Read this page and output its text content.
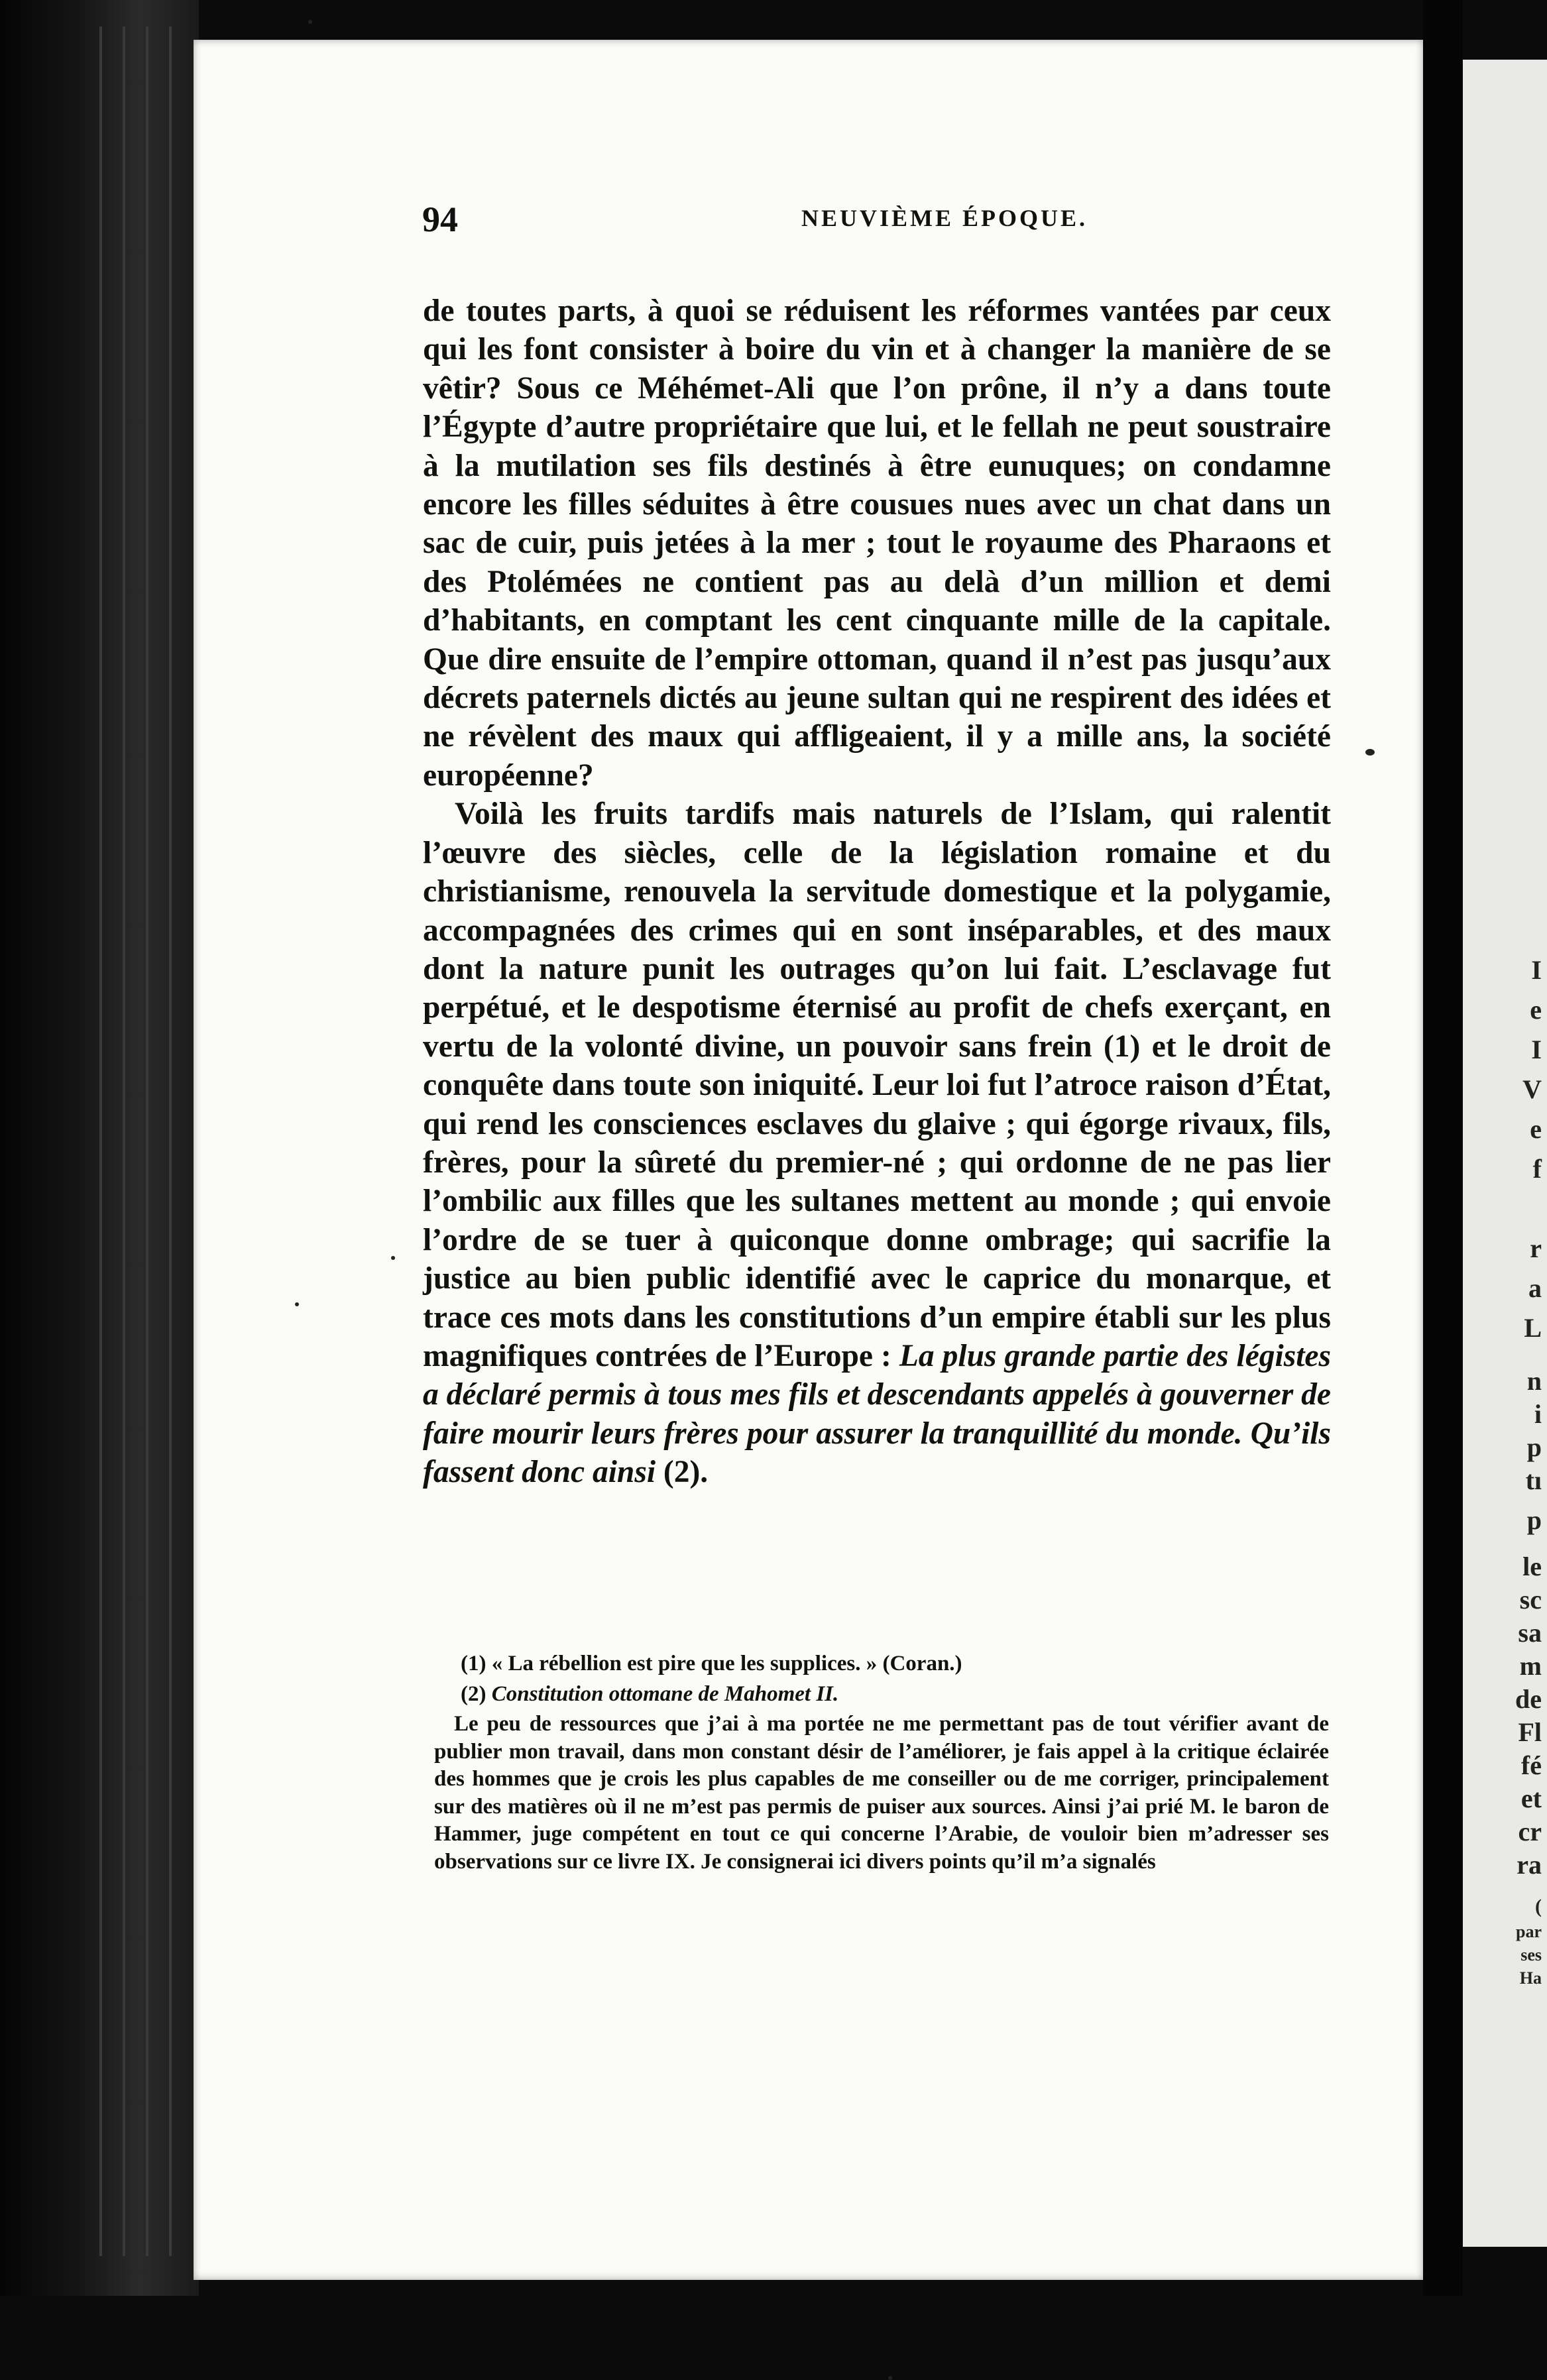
I
e
I
V
e
f
r
a
L
n
i
p
tı
p
le
sc
sa
m
de
Fl
fé
et
cr
ra
(
par
ses
Ha
94	NEUVIÈME ÉPOQUE.

de toutes parts, à quoi se réduisent les réformes vantées par ceux qui les font consister à boire du vin et à changer la manière de se vêtir? Sous ce Méhémet-Ali que l’on prône, il n’y a dans toute l’Égypte d’autre propriétaire que lui, et le fellah ne peut soustraire à la mutilation ses fils destinés à être eunuques; on condamne encore les filles séduites à être cousues nues avec un chat dans un sac de cuir, puis jetées à la mer ; tout le royaume des Pharaons et des Ptolémées ne contient pas au delà d’un million et demi d’habitants, en comptant les cent cinquante mille de la capitale. Que dire ensuite de l’empire ottoman, quand il n’est pas jusqu’aux décrets paternels dictés au jeune sultan qui ne respirent des idées et ne révèlent des maux qui affligeaient, il y a mille ans, la société européenne?

Voilà les fruits tardifs mais naturels de l’Islam, qui ralentit l’œuvre des siècles, celle de la législation romaine et du christianisme, renouvela la servitude domestique et la polygamie, accompagnées des crimes qui en sont inséparables, et des maux dont la nature punit les outrages qu’on lui fait. L’esclavage fut perpétué, et le despotisme éternisé au profit de chefs exerçant, en vertu de la volonté divine, un pouvoir sans frein (1) et le droit de conquête dans toute son iniquité. Leur loi fut l’atroce raison d’État, qui rend les consciences esclaves du glaive ; qui égorge rivaux, fils, frères, pour la sûreté du premier-né ; qui ordonne de ne pas lier l’ombilic aux filles que les sultanes mettent au monde ; qui envoie l’ordre de se tuer à quiconque donne ombrage; qui sacrifie la justice au bien public identifié avec le caprice du monarque, et trace ces mots dans les constitutions d’un empire établi sur les plus magnifiques contrées de l’Europe : La plus grande partie des légistes a déclaré permis à tous mes fils et descendants appelés à gouverner de faire mourir leurs frères pour assurer la tranquillité du monde. Qu’ils fassent donc ainsi (2).

(1) « La rébellion est pire que les supplices. » (Coran.)

(2) Constitution ottomane de Mahomet II.

Le peu de ressources que j’ai à ma portée ne me permettant pas de tout vérifier avant de publier mon travail, dans mon constant désir de l’améliorer, je fais appel à la critique éclairée des hommes que je crois les plus capables de me conseiller ou de me corriger, principalement sur des matières où il ne m’est pas permis de puiser aux sources. Ainsi j’ai prié M. le baron de Hammer, juge compétent en tout ce qui concerne l’Arabie, de vouloir bien m’adresser ses observations sur ce livre IX. Je consignerai ici divers points qu’il m’a signalés
